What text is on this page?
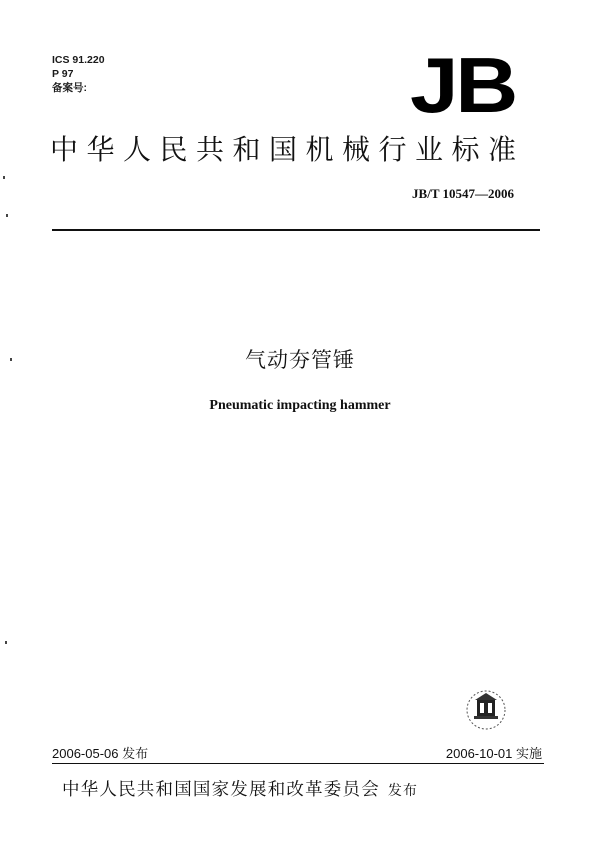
ICS 91.220
P 97
备案号:	JB
中华人民共和国机械行业标准
JB/T 10547—2006
气动夯管锤
Pneumatic impacting hammer
2006-05-06 发布	2006-10-01 实施
中华人民共和国国家发展和改革委员会 发布
